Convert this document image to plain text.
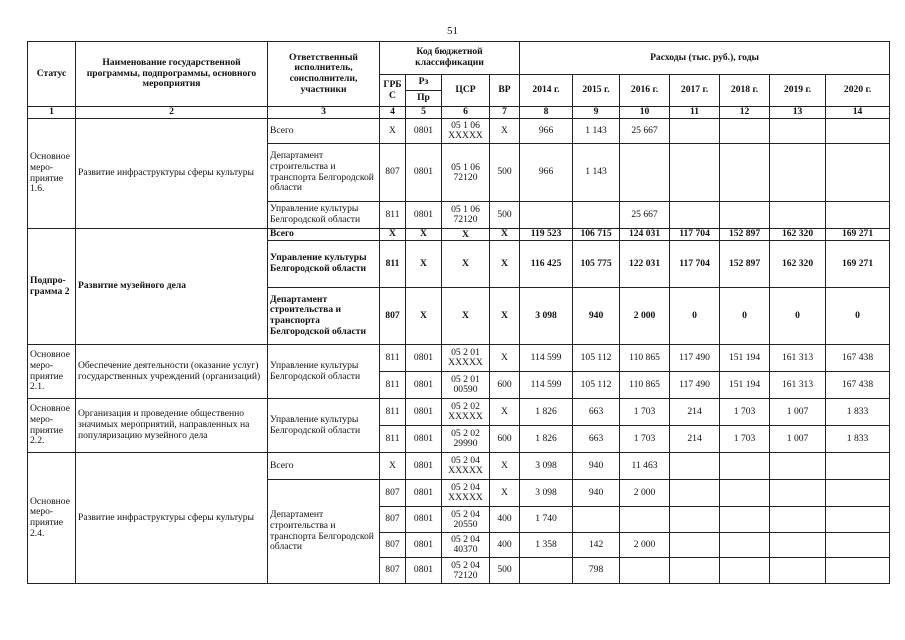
51
Статус	Наименование государственной программы, подпрограммы, основного мероприятия	Ответственный исполнитель, соисполнители, участники	Код бюджетной классификации				Расходы (тыс. руб.), годы						
			ГРБ С	Рз	ЦСР	ВР	2014 г.	2015 г.	2016 г.	2017 г.	2018 г.	2019 г.	2020 г.
				Пр									
1	2	3	4	5	6	7	8	9	10	11	12	13	14
Основное меро-приятие 1.6.	Развитие инфраструктуры сферы культуры	Всего	Х	0801	05 1 06 ХХХХХ	Х	966	1 143	25 667				
		Департамент строительства и транспорта Белгородской области	807	0801	05 1 06 72120	500	966	1 143					
		Управление культуры Белгородской области	811	0801	05 1 06 72120	500			25 667				
Подпро-грамма 2	Развитие музейного дела	Всего	Х	Х	Х	Х	119 523	106 715	124 031	117 704	152 897	162 320	169 271
		Управление культуры Белгородской области	811	Х	Х	Х	116 425	105 775	122 031	117 704	152 897	162 320	169 271
		Департамент строительства и транспорта Белгородской области	807	Х	Х	Х	3 098	940	2 000	0	0	0	0
Основное меро-приятие 2.1.	Обеспечение деятельности (оказание услуг) государственных учреждений (организаций)	Управление культуры Белгородской области	811	0801	05 2 01 ХХХХХ	Х	114 599	105 112	110 865	117 490	151 194	161 313	167 438
			811	0801	05 2 01 00590	600	114 599	105 112	110 865	117 490	151 194	161 313	167 438
Основное меро-приятие 2.2.	Организация и проведение общественно значимых мероприятий, направленных на популяризацию музейного дела	Управление культуры Белгородской области	811	0801	05 2 02 ХХХХХ	Х	1 826	663	1 703	214	1 703	1 007	1 833
			811	0801	05 2 02 29990	600	1 826	663	1 703	214	1 703	1 007	1 833
Основное меро-приятие 2.4.	Развитие инфраструктуры сферы культуры	Всего	Х	0801	05 2 04 ХХХХХ	Х	3 098	940	11 463				
		Департамент строительства и транспорта Белгородской области	807	0801	05 2 04 ХХХХХ	Х	3 098	940	2 000				
			807	0801	05 2 04 20550	400	1 740						
			807	0801	05 2 04 40370	400	1 358	142	2 000				
			807	0801	05 2 04 72120	500		798					
